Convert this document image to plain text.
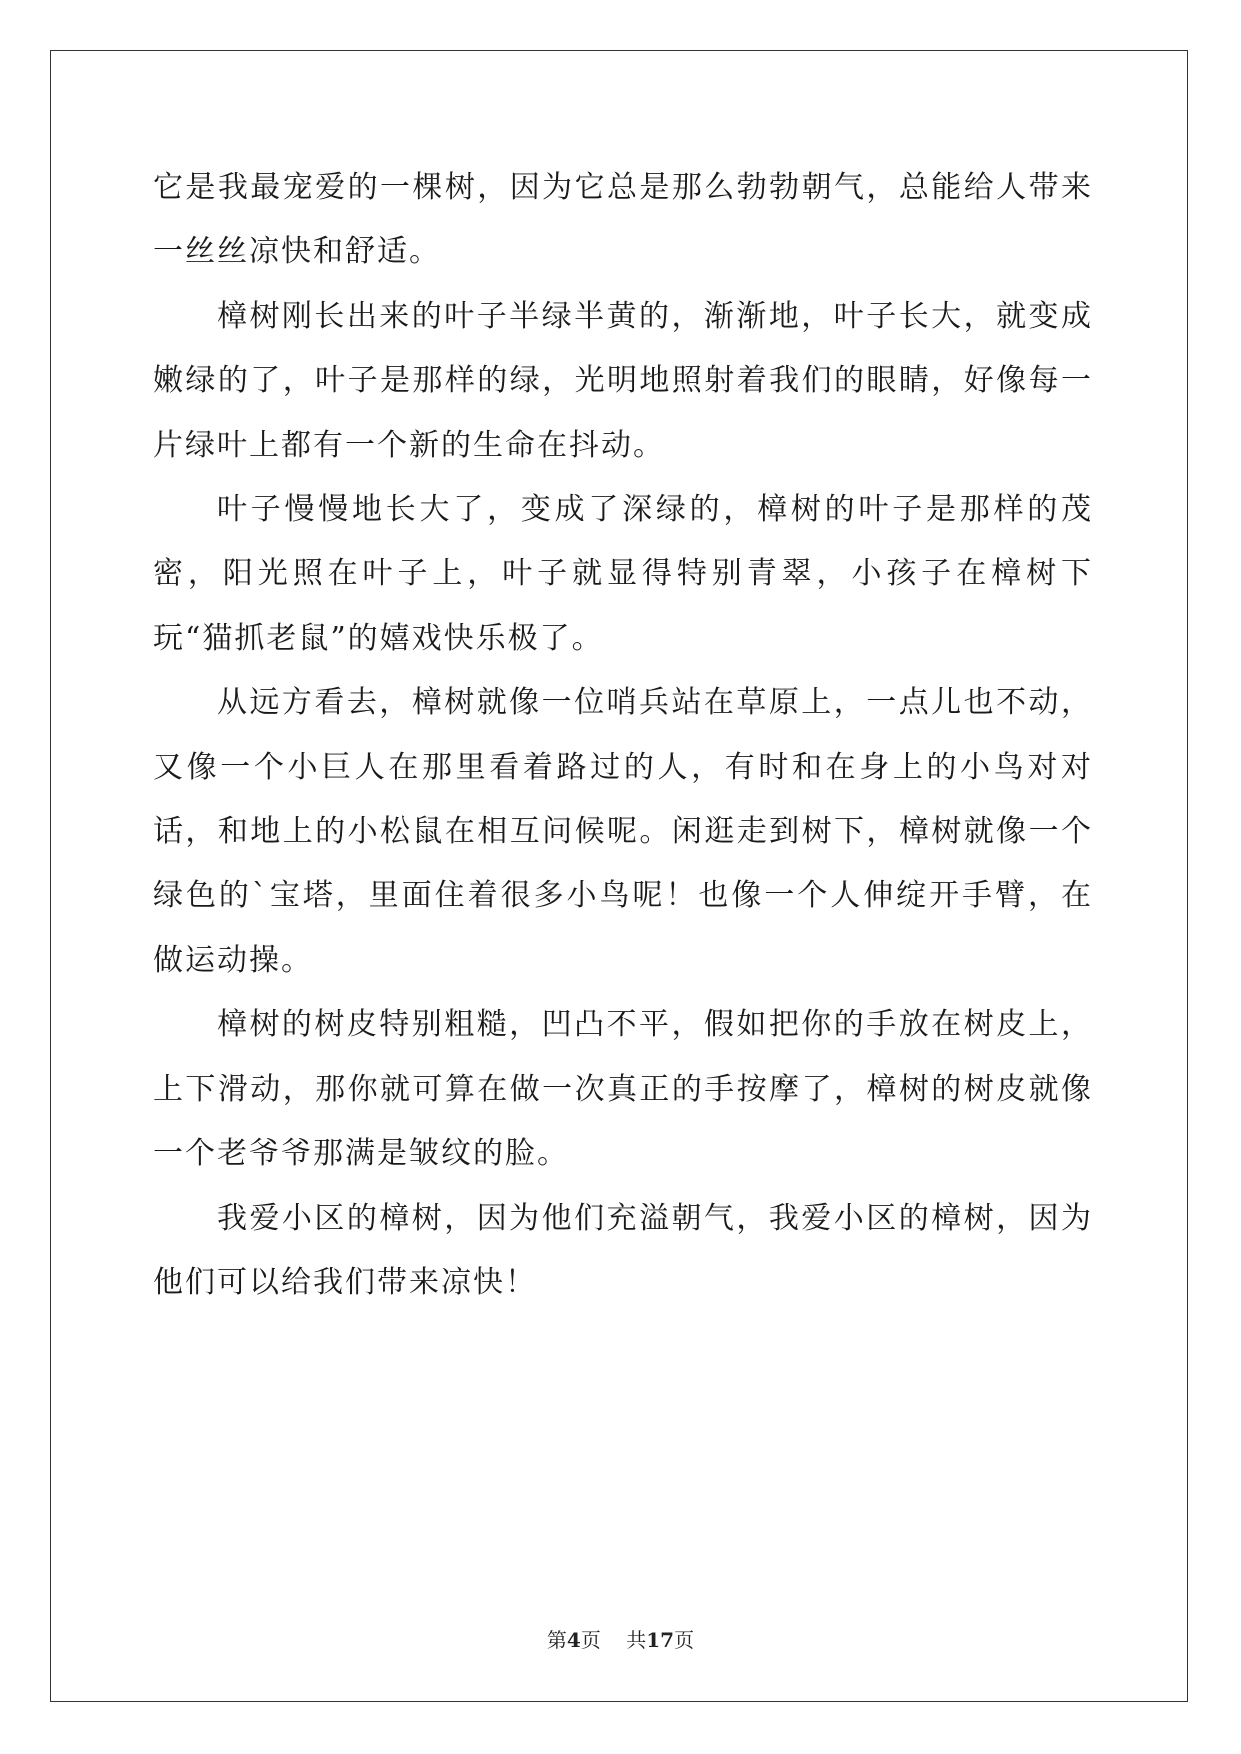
它是我最宠爱的一棵树，因为它总是那么勃勃朝气，总能给人带来一丝丝凉快和舒适。

樟树刚长出来的叶子半绿半黄的，渐渐地，叶子长大，就变成嫩绿的了，叶子是那样的绿，光明地照射着我们的眼睛，好像每一片绿叶上都有一个新的生命在抖动。

叶子慢慢地长大了，变成了深绿的，樟树的叶子是那样的茂密，阳光照在叶子上，叶子就显得特别青翠，小孩子在樟树下玩“猫抓老鼠”的嬉戏快乐极了。

从远方看去，樟树就像一位哨兵站在草原上，一点儿也不动，又像一个小巨人在那里看着路过的人，有时和在身上的小鸟对对话，和地上的小松鼠在相互问候呢。闲逛走到树下，樟树就像一个绿色的`宝塔，里面住着很多小鸟呢！也像一个人伸绽开手臂，在做运动操。

樟树的树皮特别粗糙，凹凸不平，假如把你的手放在树皮上，上下滑动，那你就可算在做一次真正的手按摩了，樟树的树皮就像一个老爷爷那满是皱纹的脸。

我爱小区的樟树，因为他们充溢朝气，我爱小区的樟树，因为他们可以给我们带来凉快！

第4页 共17页
